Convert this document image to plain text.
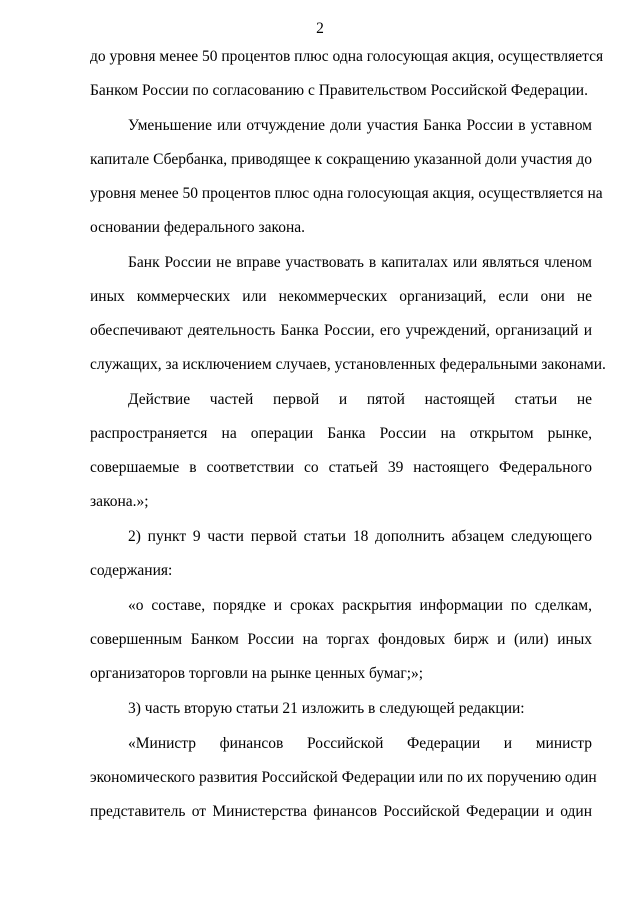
2
до уровня менее 50 процентов плюс одна голосующая акция, осуществляется
Банком России по согласованию с Правительством Российской Федерации.
Уменьшение или отчуждение доли участия Банка России в уставном
капитале Сбербанка, приводящее к сокращению указанной доли участия до
уровня менее 50 процентов плюс одна голосующая акция, осуществляется на
основании федерального закона.
Банк России не вправе участвовать в капиталах или являться членом
иных коммерческих или некоммерческих организаций, если они не
обеспечивают деятельность Банка России, его учреждений, организаций и
служащих, за исключением случаев, установленных федеральными законами.
Действие частей первой и пятой настоящей статьи не
распространяется на операции Банка России на открытом рынке,
совершаемые в соответствии со статьей 39 настоящего Федерального
закона.»;
2) пункт 9 части первой статьи 18 дополнить абзацем следующего
содержания:
«о составе, порядке и сроках раскрытия информации по сделкам,
совершенным Банком России на торгах фондовых бирж и (или) иных
организаторов торговли на рынке ценных бумаг;»;
3) часть вторую статьи 21 изложить в следующей редакции:
«Министр финансов Российской Федерации и министр
экономического развития Российской Федерации или по их поручению один
представитель от Министерства финансов Российской Федерации и один
